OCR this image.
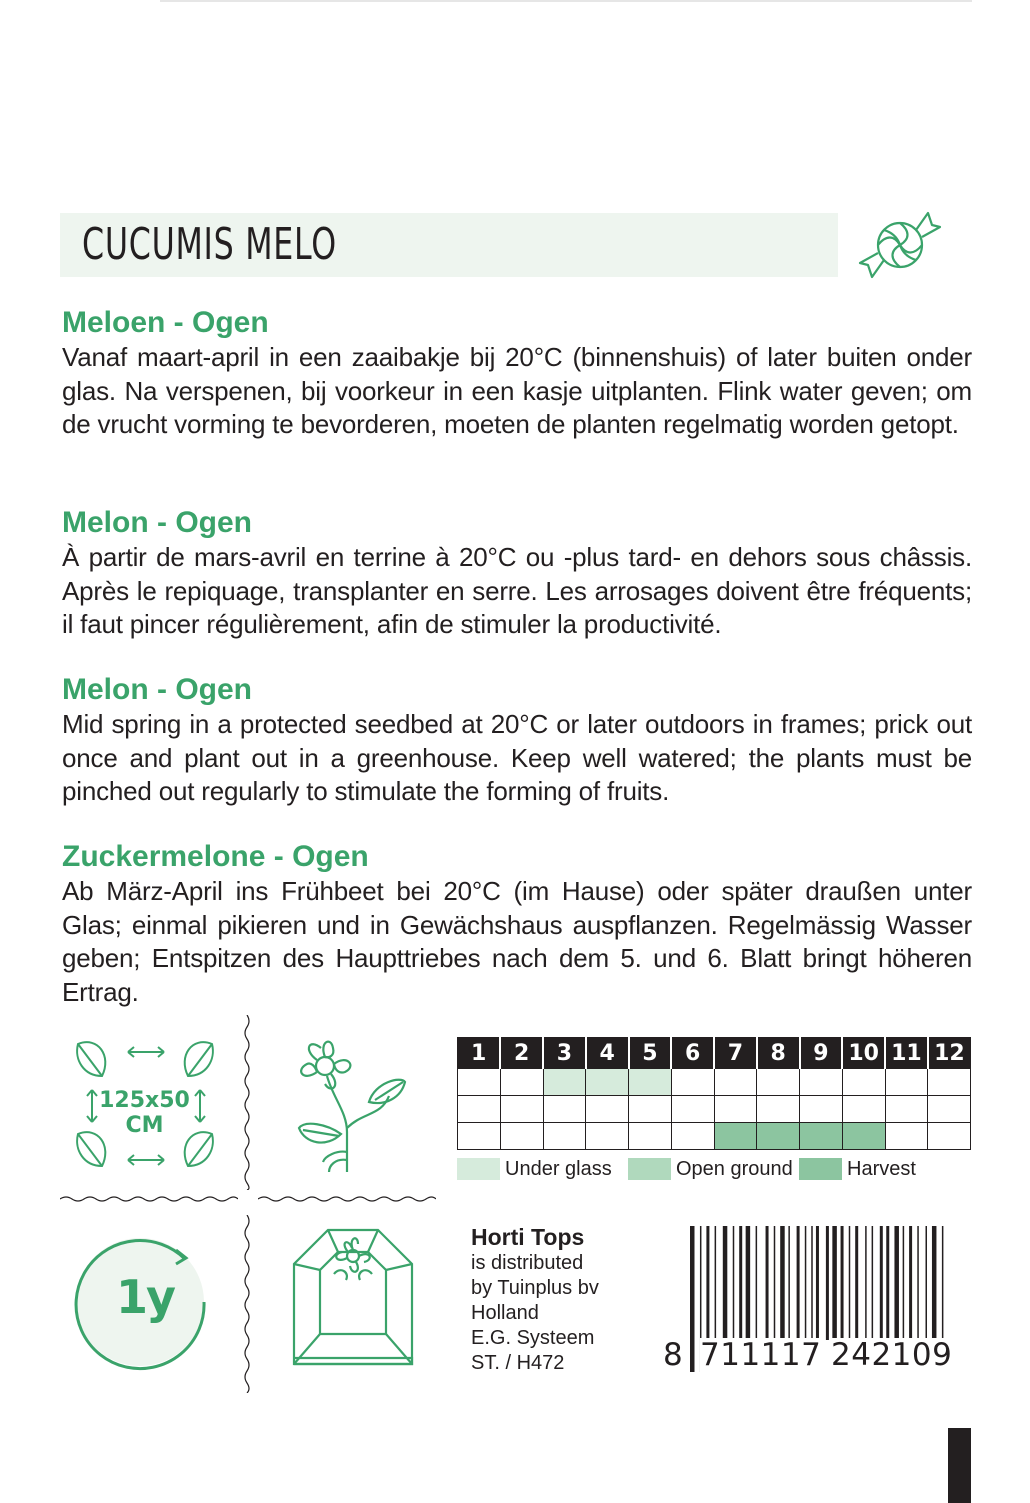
CUCUMIS MELO
Meloen - Ogen

Vanaf maart-april in een zaaibakje bij 20°C (binnenshuis) of later buiten onder glas. Na verspenen, bij voorkeur in een kasje uitplanten. Flink water geven; om de vrucht vorming te bevorderen, moeten de planten regelmatig worden getopt.

Melon - Ogen

À partir de mars-avril en terrine à 20°C ou -plus tard- en dehors sous châssis. Après le repiquage, transplanter en serre. Les arrosages doivent être fréquents; il faut pincer régulièrement, afin de stimuler la productivité.

Melon - Ogen

Mid spring in a protected seedbed at 20°C or later outdoors in frames; prick out once and plant out in a greenhouse. Keep well watered; the plants must be pinched out regularly to stimulate the forming of fruits.

Zuckermelone - Ogen

Ab März-April ins Frühbeet bei 20°C (im Hause) oder später draußen unter Glas; einmal pikieren und in Gewächshaus auspflanzen. Regelmässig Wasser geben; Entspitzen des Haupttriebes nach dem 5. und 6. Blatt bringt höheren Ertrag.

125x50
CM
1y
1	2	3	4	5	6	7	8	9	10	11	12

Under glass	Open ground	Harvest
Horti Tops
is distributed
by Tuinplus bv
Holland
E.G. Systeem
ST. / H472	8 711117 242109
